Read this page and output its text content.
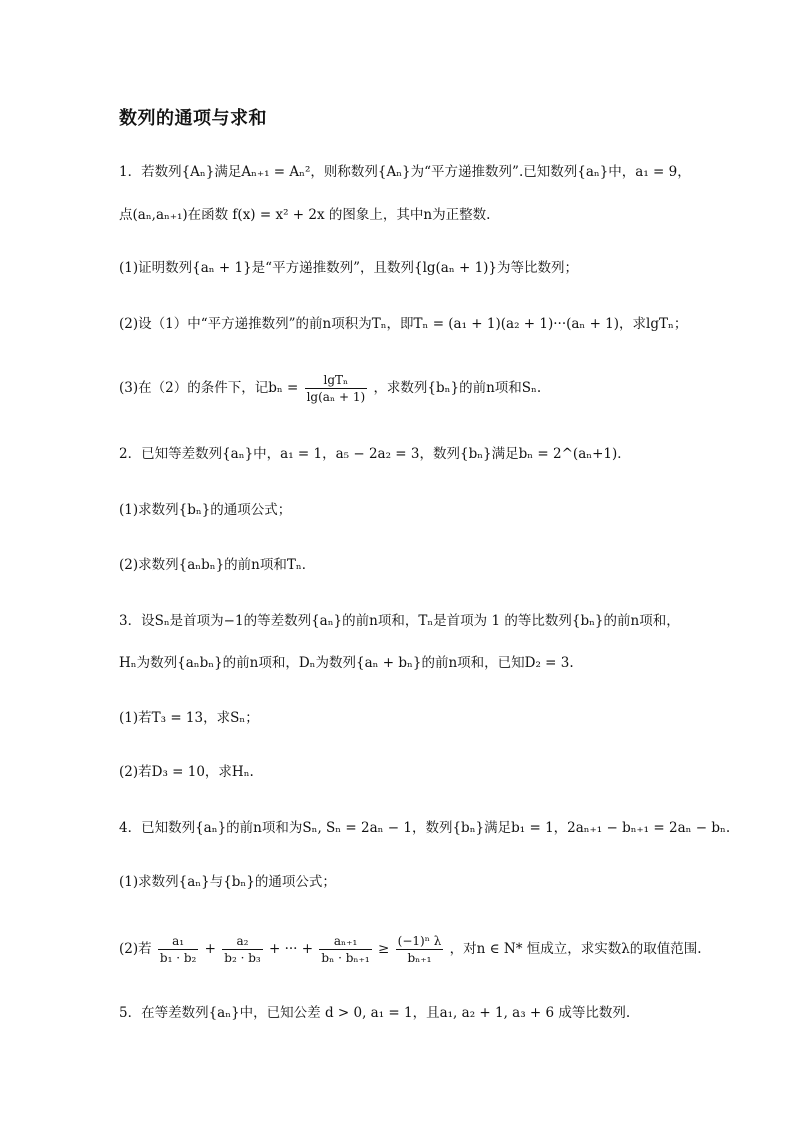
数列的通项与求和
1．若数列{Aₙ}满足Aₙ₊₁ = Aₙ²，则称数列{Aₙ}为“平方递推数列”.已知数列{aₙ}中，a₁ = 9，
点(aₙ,aₙ₊₁)在函数 f(x) = x² + 2x 的图象上，其中n为正整数.
(1)证明数列{aₙ + 1}是“平方递推数列”，且数列{lg(aₙ + 1)}为等比数列；
(2)设（1）中“平方递推数列”的前n项积为Tₙ，即Tₙ = (a₁ + 1)(a₂ + 1)···(aₙ + 1)，求lgTₙ；
(3)在（2）的条件下，记$b_n = \frac{\text{lgTₙ}}{\text{lg(aₙ + 1)}}$ ，求数列{bₙ}的前n项和Sₙ.
2．已知等差数列{aₙ}中，a₁ = 1，a₅ − 2a₂ = 3，数列{bₙ}满足bₙ = 2^(aₙ+1)．
(1)求数列{bₙ}的通项公式；
(2)求数列{aₙbₙ}的前n项和Tₙ．
3．设Sₙ是首项为−1的等差数列{aₙ}的前n项和，Tₙ是首项为 1 的等比数列{bₙ}的前n项和，
Hₙ为数列{aₙbₙ}的前n项和，Dₙ为数列{aₙ + bₙ}的前n项和，已知D₂ = 3.
(1)若T₃ = 13，求Sₙ；
(2)若D₃ = 10，求Hₙ.
4．已知数列{aₙ}的前n项和为Sₙ, Sₙ = 2aₙ − 1，数列{bₙ}满足b₁ = 1，2aₙ₊₁ − bₙ₊₁ = 2aₙ − bₙ.
(1)求数列{aₙ}与{bₙ}的通项公式；
(2)若 $\frac{\text{a₁}}{\text{b₁ · b₂}} + \frac{\text{a₂}}{\text{b₂ · b₃}}$ + ··· + $\frac{\text{aₙ₊₁}}{\text{bₙ · bₙ₊₁}} \ge \frac{\text{(−1)ⁿ λ}}{\text{bₙ₊₁}}$ ，对n ∈ N* 恒成立，求实数λ的取值范围.
5．在等差数列{aₙ}中，已知公差 d > 0, a₁ = 1，且a₁, a₂ + 1, a₃ + 6 成等比数列.
